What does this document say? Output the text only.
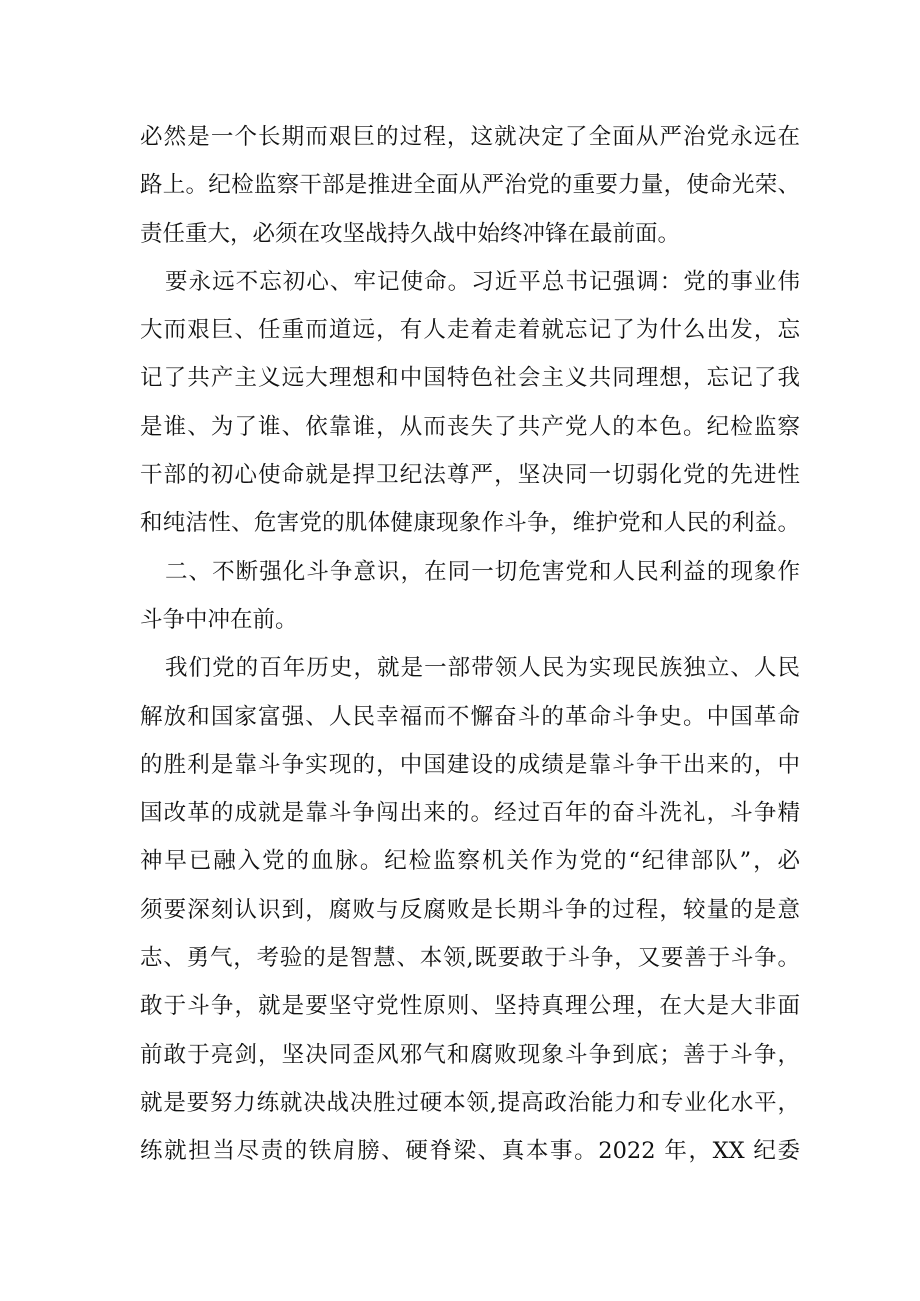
必然是一个长期而艰巨的过程，这就决定了全面从严治党永远在
路上。纪检监察干部是推进全面从严治党的重要力量，使命光荣、
责任重大，必须在攻坚战持久战中始终冲锋在最前面。
要永远不忘初心、牢记使命。习近平总书记强调：党的事业伟
大而艰巨、任重而道远，有人走着走着就忘记了为什么出发，忘
记了共产主义远大理想和中国特色社会主义共同理想，忘记了我
是谁、为了谁、依靠谁，从而丧失了共产党人的本色。纪检监察
干部的初心使命就是捍卫纪法尊严，坚决同一切弱化党的先进性
和纯洁性、危害党的肌体健康现象作斗争，维护党和人民的利益。
二、不断强化斗争意识，在同一切危害党和人民利益的现象作
斗争中冲在前。
我们党的百年历史，就是一部带领人民为实现民族独立、人民
解放和国家富强、人民幸福而不懈奋斗的革命斗争史。中国革命
的胜利是靠斗争实现的，中国建设的成绩是靠斗争干出来的，中
国改革的成就是靠斗争闯出来的。经过百年的奋斗洗礼，斗争精
神早已融入党的血脉。纪检监察机关作为党的“纪律部队”，必
须要深刻认识到，腐败与反腐败是长期斗争的过程，较量的是意
志、勇气，考验的是智慧、本领,既要敢于斗争，又要善于斗争。
敢于斗争，就是要坚守党性原则、坚持真理公理，在大是大非面
前敢于亮剑，坚决同歪风邪气和腐败现象斗争到底；善于斗争，
就是要努力练就决战决胜过硬本领,提高政治能力和专业化水平，
练就担当尽责的铁肩膀、硬脊梁、真本事。2022 年，XX 纪委
